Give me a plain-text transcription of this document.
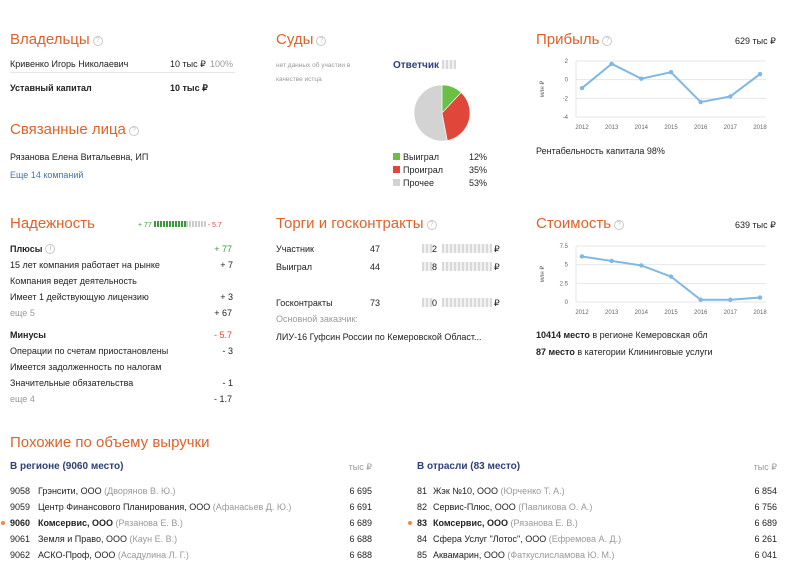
Владельцы ?
Кривенко Игорь Николаевич	10 тыс ₽ 100%
Уставный капитал	10 тыс ₽
Связанные лица ?
Рязанова Елена Витальевна, ИП
Еще 14 компаний
Суды ?
нет данных об участии в качестве истца
Ответчик
Выиграл	12%
Проиграл	35%
Прочее	53%
Прибыль ?	629 тыс ₽
млн ₽
2
0
-2
-4
2012	2013	2014	2015	2016	2017	2018
Рентабельность капитала 98%
Надежность	+ 77	- 5.7
Плюсы i	+ 77
15 лет компания работает на рынке	+ 7
Компания ведет деятельность
Имеет 1 действующую лицензию	+ 3
еще 5	+ 67
Минусы	- 5.7
Операции по счетам приостановлены	- 3
Имеется задолженность по налогам
Значительные обязательства	- 1
еще 4	- 1.7
Торги и госконтракты ?
Участник	47	2	₽
Выиграл	44	8	₽
Госконтракты	73	0	₽
Основной заказчик:
ЛИУ-16 Гуфсин России по Кемеровской Област...
Стоимость ?	639 тыс ₽
млн ₽
7.5
5
2.5
0
2012	2013	2014	2015	2016	2017	2018
10414 место в регионе Кемеровская обл
87 место в категории Клининговые услуги
Похожие по объему выручки
В регионе (9060 место)	тыс ₽
9058 Грэнсити, ООО (Дворянов В. Ю.)	6 695
9059 Центр Финансового Планирования, ООО (Афанасьев Д. Ю.)	6 691
9060 Комсервис, ООО (Рязанова Е. В.)	6 689
9061 Земля и Право, ООО (Каун Е. В.)	6 688
9062 АСКО-Проф, ООО (Асадулина Л. Г.)	6 688
В отрасли (83 место)	тыс ₽
81 Жэк №10, ООО (Юрченко Т. А.)	6 854
82 Сервис-Плюс, ООО (Павликова О. А.)	6 756
83 Комсервис, ООО (Рязанова Е. В.)	6 689
84 Сфера Услуг "Лотос", ООО (Ефремова А. Д.)	6 261
85 Аквамарин, ООО (Фаткуслисламова Ю. М.)	6 041
